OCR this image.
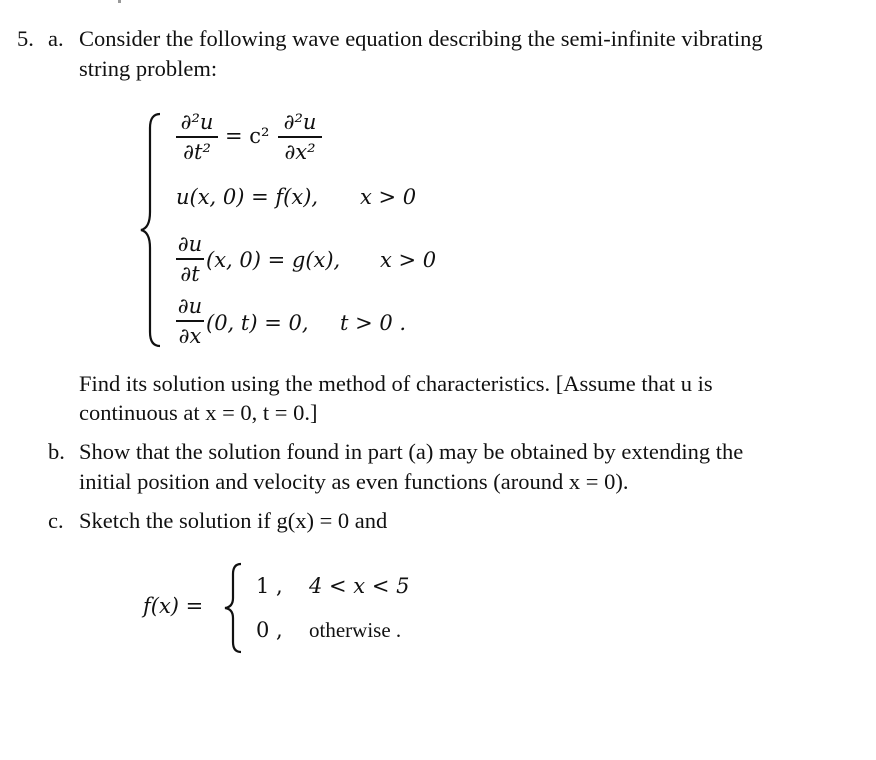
5. a. Consider the following wave equation describing the semi-infinite vibrating
string problem:
∂²u
∂t²
= c²
∂²u
∂x²
u(x, 0) = f(x), x > 0
∂u
∂t
(x, 0) = g(x), x > 0
∂u
∂x
(0, t) = 0, t > 0 .
Find its solution using the method of characteristics. [Assume that u is
continuous at x = 0, t = 0.]
b. Show that the solution found in part (a) may be obtained by extending the
initial position and velocity as even functions (around x = 0).
c. Sketch the solution if g(x) = 0 and
f(x) =
1 , 4 < x < 5
0 , otherwise .
